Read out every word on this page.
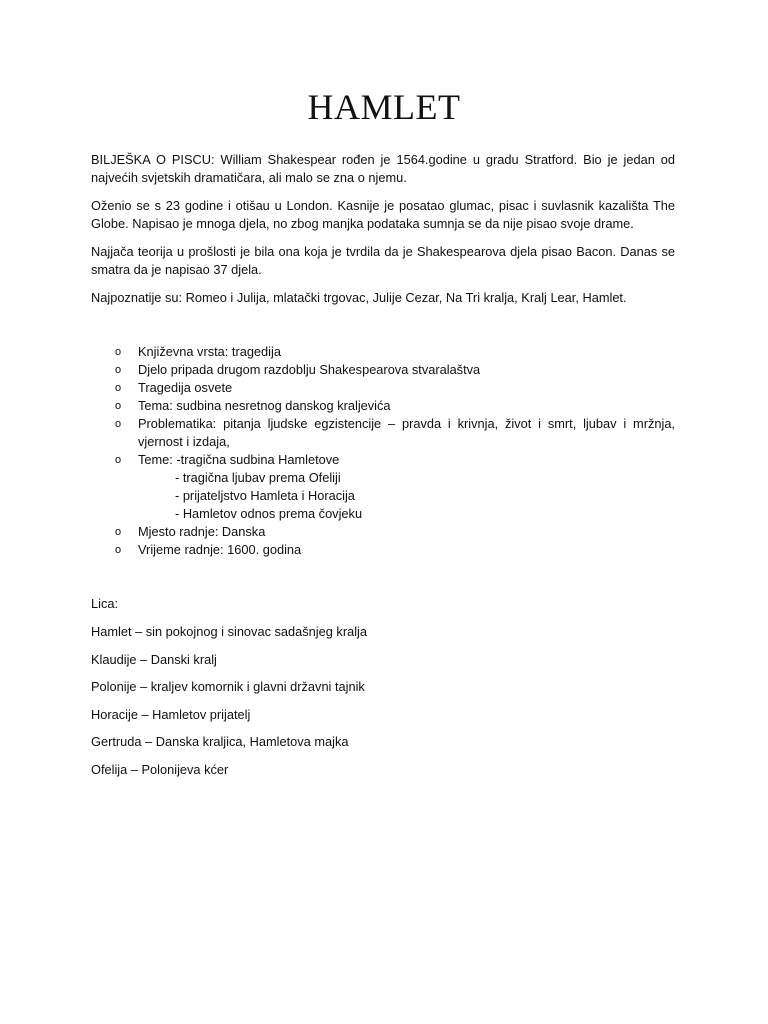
HAMLET

BILJEŠKA O PISCU: William Shakespear rođen je 1564.godine u gradu Stratford. Bio je jedan od najvećih svjetskih dramatičara, ali malo se zna o njemu.

Oženio se s 23 godine i otišau u London. Kasnije je posatao glumac, pisac i suvlasnik kazališta The Globe. Napisao je mnoga djela, no zbog manjka podataka sumnja se da nije pisao svoje drame.

Najjača teorija u prošlosti je bila ona koja je tvrdila da je Shakespearova djela pisao Bacon. Danas se smatra da je napisao 37 djela.

Najpoznatije su: Romeo i Julija, mlatački trgovac, Julije Cezar, Na Tri kralja, Kralj Lear, Hamlet.

o Književna vrsta: tragedija
o Djelo pripada drugom razdoblju Shakespearova stvaralaštva
o Tragedija osvete
o Tema: sudbina nesretnog danskog kraljevića
o Problematika: pitanja ljudske egzistencije – pravda i krivnja, život i smrt, ljubav i mržnja, vjernost i izdaja,
o Teme: -tragična sudbina Hamletove
- tragična ljubav prema Ofeliji
- prijateljstvo Hamleta i Horacija
- Hamletov odnos prema čovjeku
o Mjesto radnje: Danska
o Vrijeme radnje: 1600. godina

Lica:

Hamlet – sin pokojnog i sinovac sadašnjeg kralja

Klaudije – Danski kralj

Polonije – kraljev komornik i glavni državni tajnik

Horacije – Hamletov prijatelj

Gertruda – Danska kraljica, Hamletova majka

Ofelija – Polonijeva kćer
